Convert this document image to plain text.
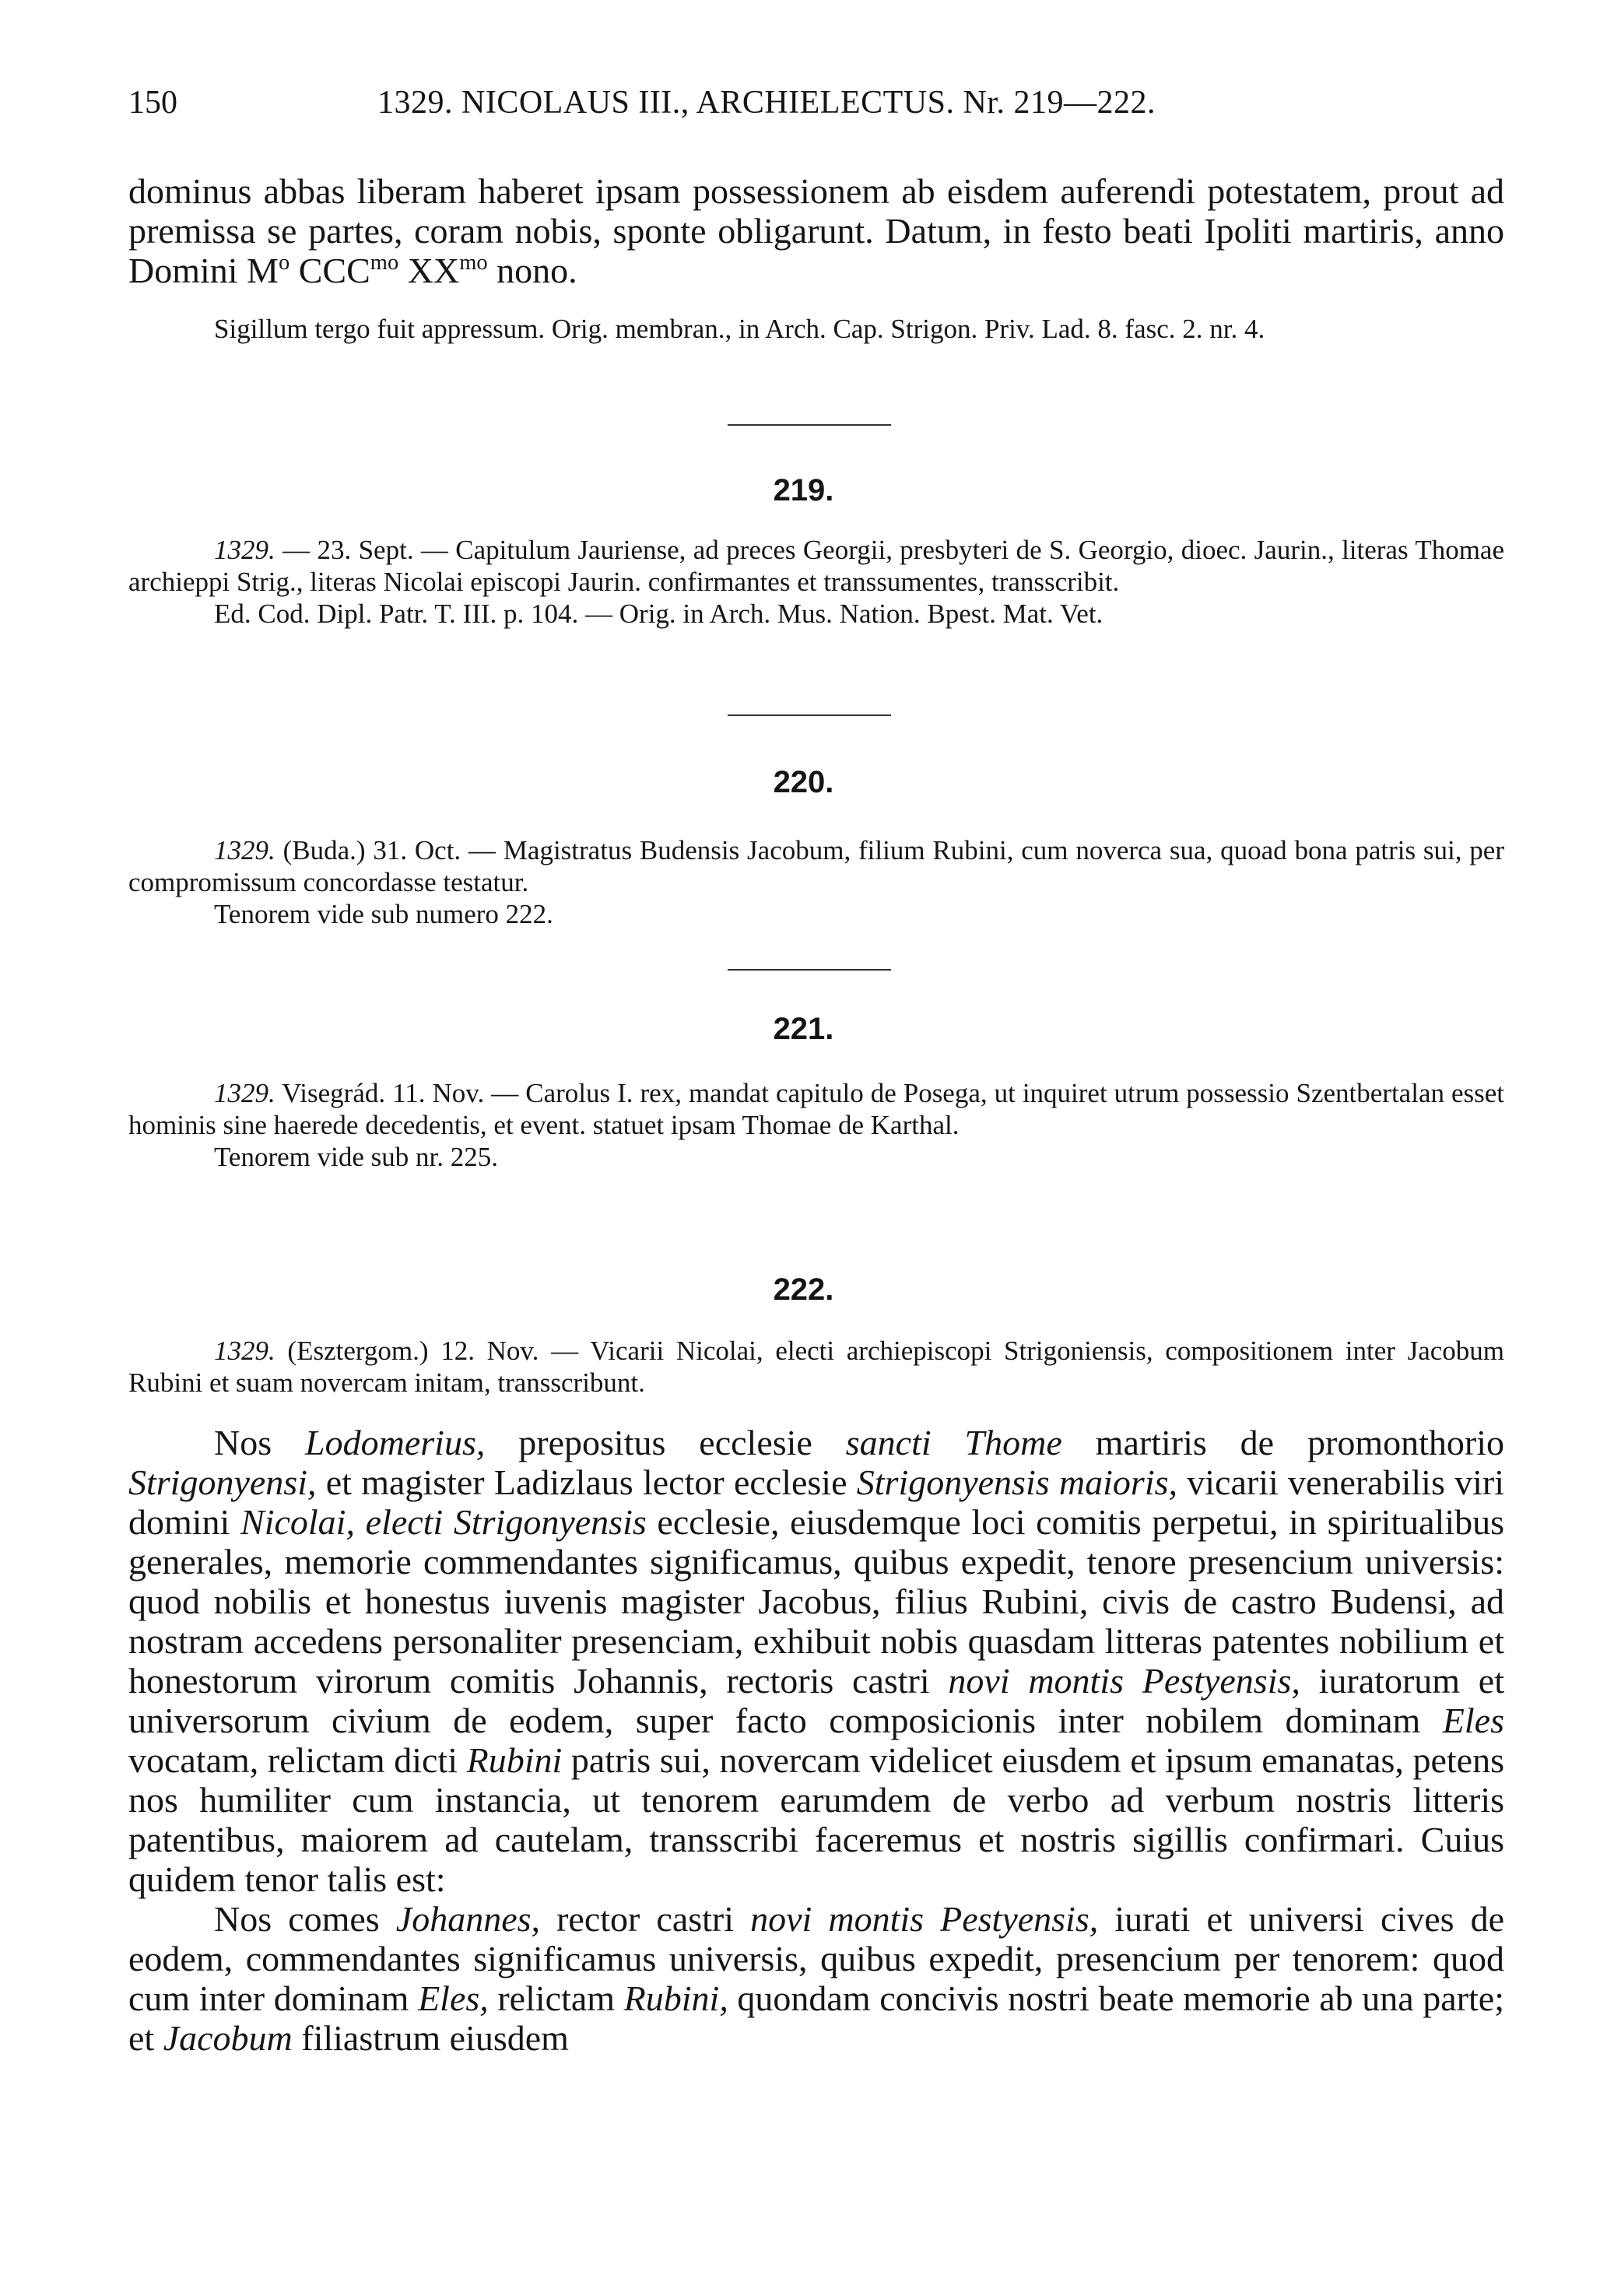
150	1329. NICOLAUS III., ARCHIELECTUS. Nr. 219—222.

dominus abbas liberam haberet ipsam possessionem ab eisdem auferendi potestatem, prout ad premissa se partes, coram nobis, sponte obligarunt. Datum, in festo beati Ipoliti martiris, anno Domini $M^o$ $CCC^{mo}$ $XX^{mo}$ nono.

Sigillum tergo fuit appressum. Orig. membran., in Arch. Cap. Strigon. Priv. Lad. 8. fasc. 2. nr. 4.

219.

1329. — 23. Sept. — Capitulum Jauriense, ad preces Georgii, presbyteri de S. Georgio, dioec. Jaurin., literas Thomae archieppi Strig., literas Nicolai episcopi Jaurin. confirmantes et transsumentes, transscribit.

Ed. Cod. Dipl. Patr. T. III. p. 104. — Orig. in Arch. Mus. Nation. Bpest. Mat. Vet.

220.

1329. (Buda.) 31. Oct. — Magistratus Budensis Jacobum, filium Rubini, cum noverca sua, quoad bona patris sui, per compromissum concordasse testatur.

Tenorem vide sub numero 222.

221.

1329. Visegrád. 11. Nov. — Carolus I. rex, mandat capitulo de Posega, ut inquiret utrum possessio Szentbertalan esset hominis sine haerede decedentis, et event. statuet ipsam Thomae de Karthal.

Tenorem vide sub nr. 225.

222.

1329. (Esztergom.) 12. Nov. — Vicarii Nicolai, electi archiepiscopi Strigoniensis, compositionem inter Jacobum Rubini et suam novercam initam, transscribunt.

Nos Lodomerius, prepositus ecclesie sancti Thome martiris de promonthorio Strigonyensi, et magister Ladizlaus lector ecclesie Strigonyensis maioris, vicarii venerabilis viri domini Nicolai, electi Strigonyensis ecclesie, eiusdemque loci comitis perpetui, in spiritualibus generales, memorie commendantes significamus, quibus expedit, tenore presencium universis: quod nobilis et honestus iuvenis magister Jacobus, filius Rubini, civis de castro Budensi, ad nostram accedens personaliter presenciam, exhibuit nobis quasdam litteras patentes nobilium et honestorum virorum comitis Johannis, rectoris castri novi montis Pestyensis, iuratorum et universorum civium de eodem, super facto composicionis inter nobilem dominam Eles vocatam, relictam dicti Rubini patris sui, novercam videlicet eiusdem et ipsum emanatas, petens nos humiliter cum instancia, ut tenorem earumdem de verbo ad verbum nostris litteris patentibus, maiorem ad cautelam, transscribi faceremus et nostris sigillis confirmari. Cuius quidem tenor talis est:

Nos comes Johannes, rector castri novi montis Pestyensis, iurati et universi cives de eodem, commendantes significamus universis, quibus expedit, presencium per tenorem: quod cum inter dominam Eles, relictam Rubini, quondam concivis nostri beate memorie ab una parte; et Jacobum filiastrum eiusdem
